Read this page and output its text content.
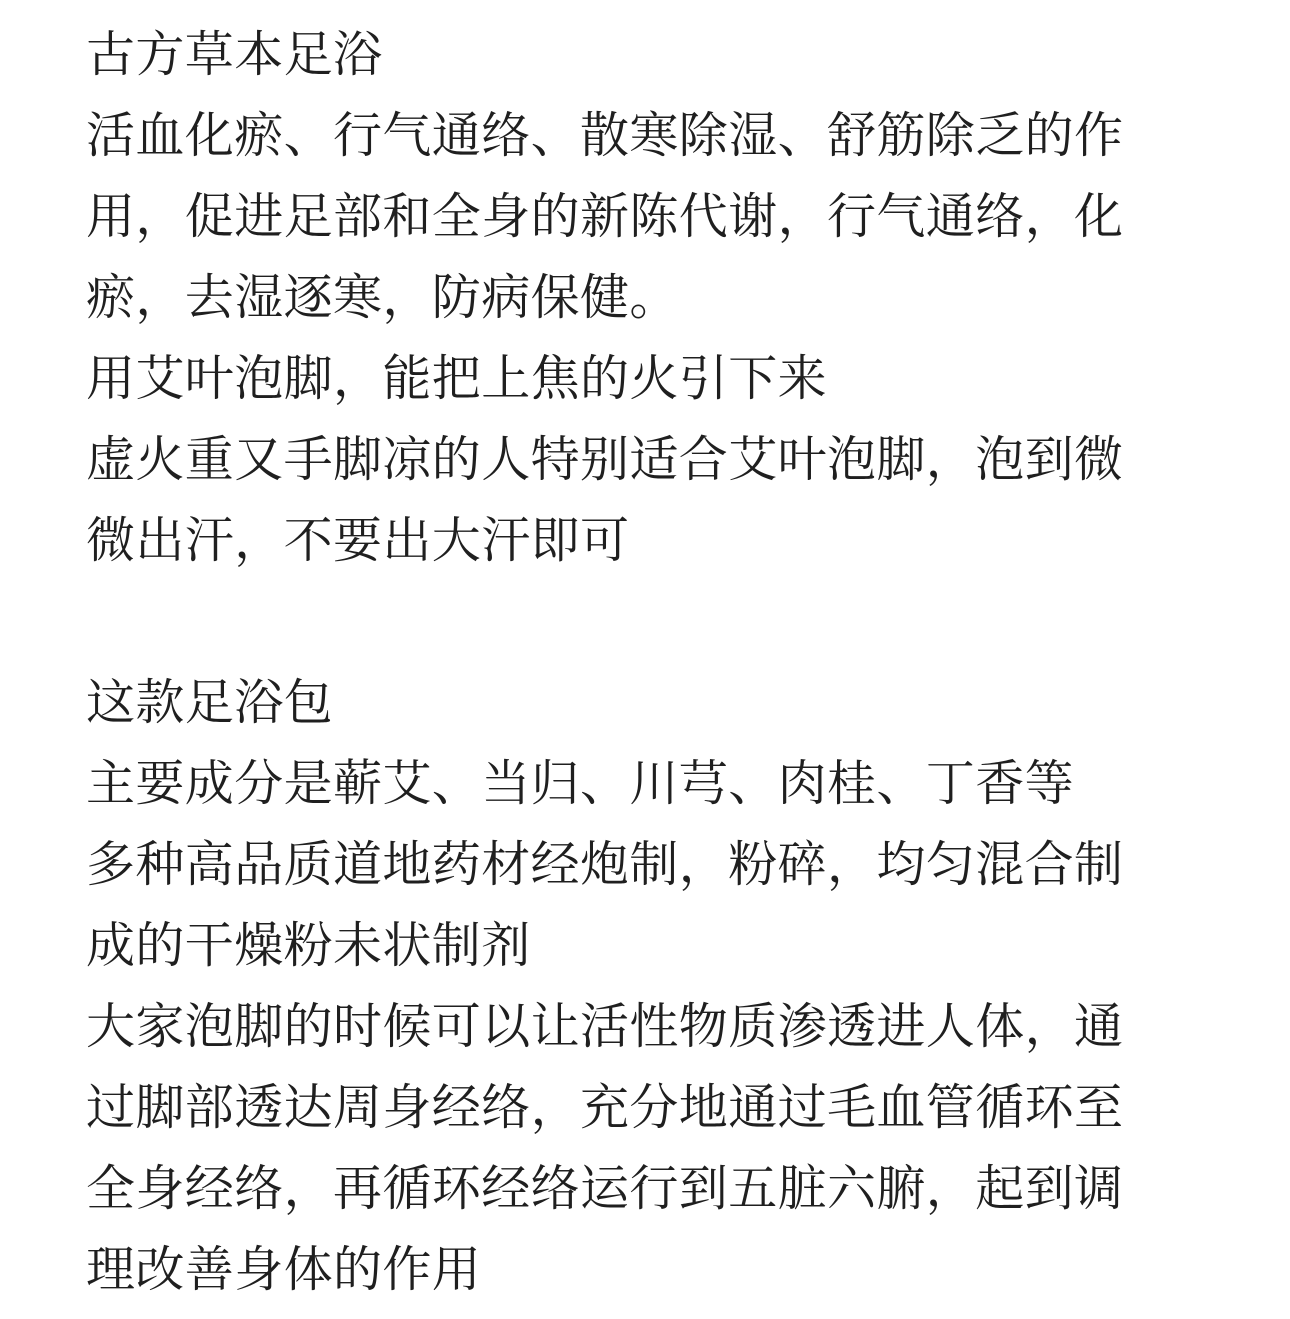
古方草本足浴
活血化瘀、行气通络、散寒除湿、舒筋除乏的作
用，促进足部和全身的新陈代谢，行气通络，化
瘀，去湿逐寒，防病保健。
用艾叶泡脚，能把上焦的火引下来
虚火重又手脚凉的人特别适合艾叶泡脚，泡到微
微出汗，不要出大汗即可
这款足浴包
主要成分是蕲艾、当归、川芎、肉桂、丁香等
多种高品质道地药材经炮制，粉碎，均匀混合制
成的干燥粉未状制剂
大家泡脚的时候可以让活性物质渗透进人体，通
过脚部透达周身经络，充分地通过毛血管循环至
全身经络，再循环经络运行到五脏六腑，起到调
理改善身体的作用
